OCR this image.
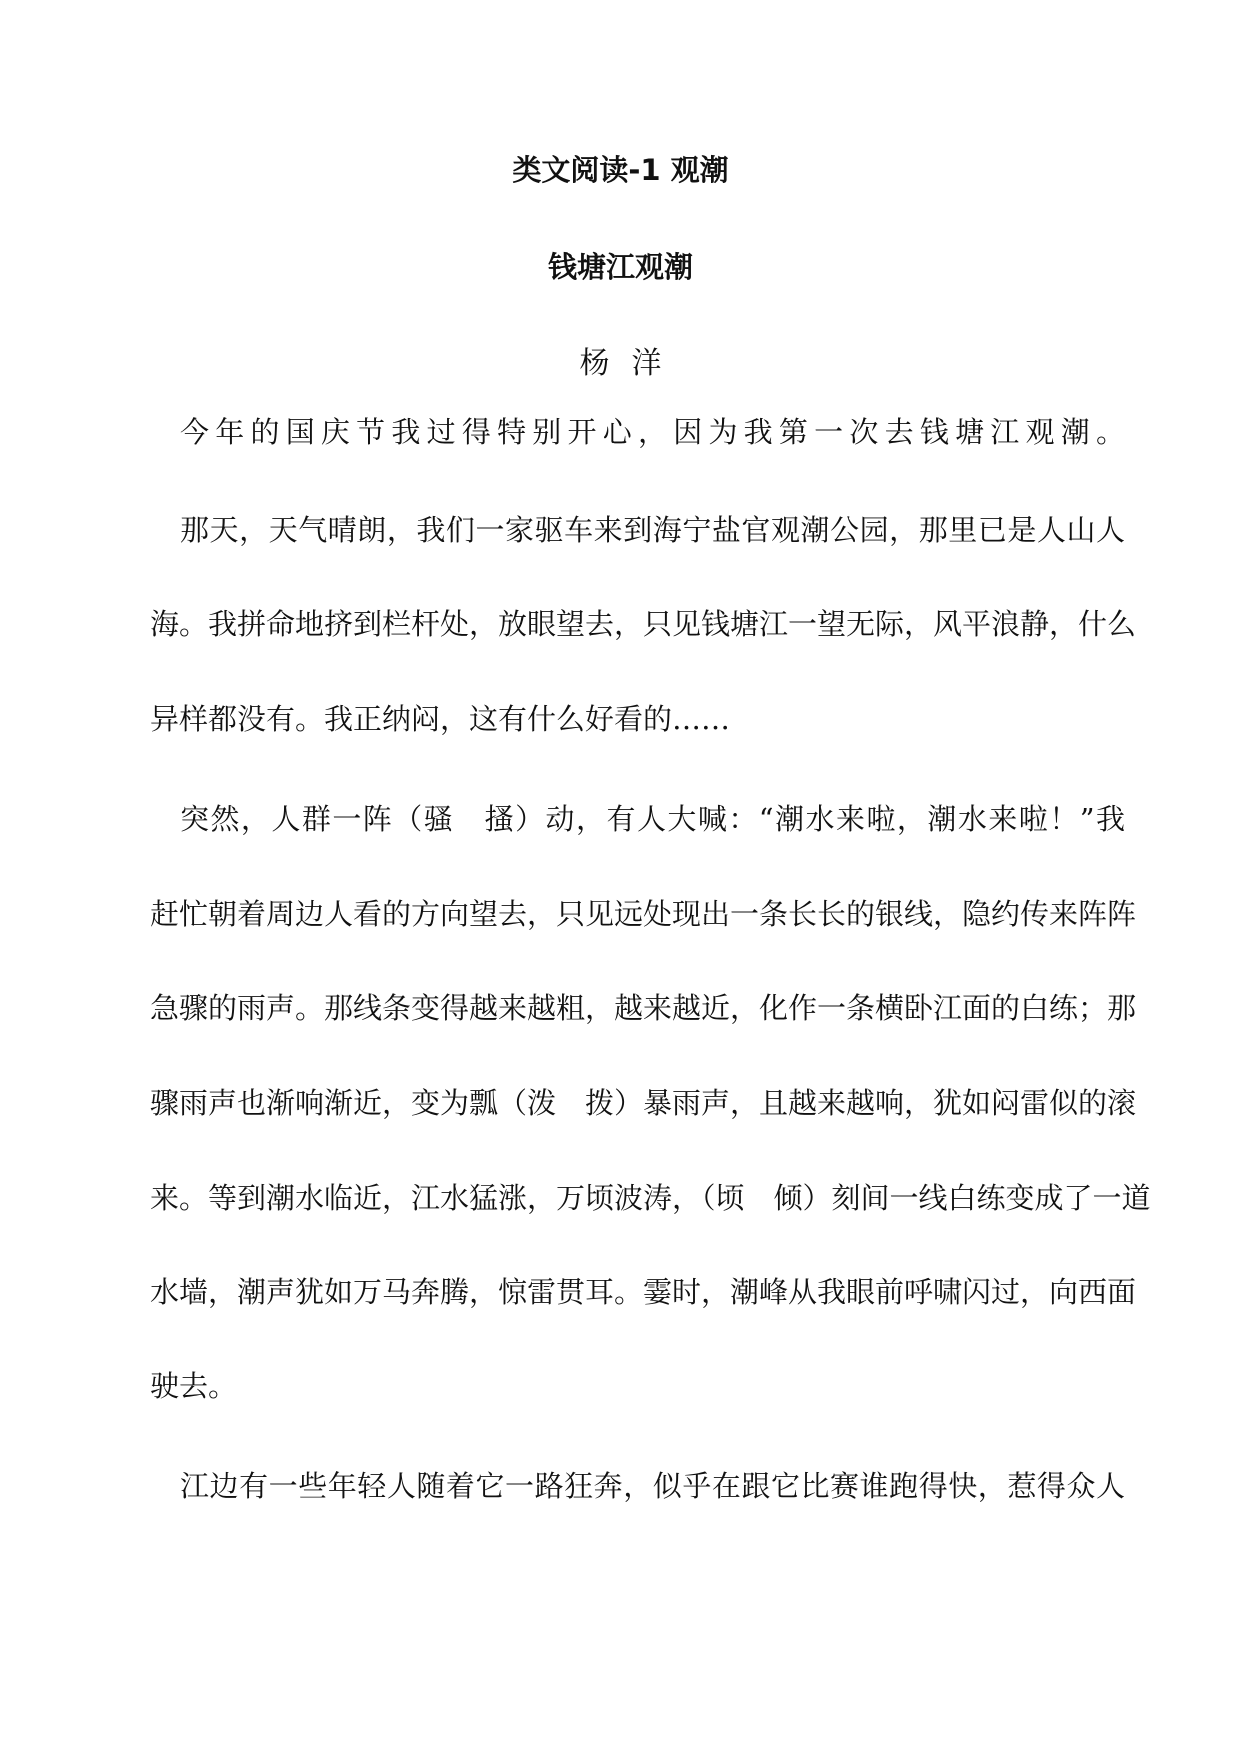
类文阅读-1 观潮
钱塘江观潮
杨洋
今年的国庆节我过得特别开心，因为我第一次去钱塘江观潮。
那天，天气晴朗，我们一家驱车来到海宁盐官观潮公园，那里已是人山人
海。我拼命地挤到栏杆处，放眼望去，只见钱塘江一望无际，风平浪静，什么
异样都没有。我正纳闷，这有什么好看的……
突然，人群一阵（骚　搔）动，有人大喊：“潮水来啦，潮水来啦！”我
赶忙朝着周边人看的方向望去，只见远处现出一条长长的银线，隐约传来阵阵
急骤的雨声。那线条变得越来越粗，越来越近，化作一条横卧江面的白练；那
骤雨声也渐响渐近，变为瓢（泼　拨）暴雨声，且越来越响，犹如闷雷似的滚
来。等到潮水临近，江水猛涨，万顷波涛，（顷　倾）刻间一线白练变成了一道
水墙，潮声犹如万马奔腾，惊雷贯耳。霎时，潮峰从我眼前呼啸闪过，向西面
驶去。
江边有一些年轻人随着它一路狂奔，似乎在跟它比赛谁跑得快，惹得众人
